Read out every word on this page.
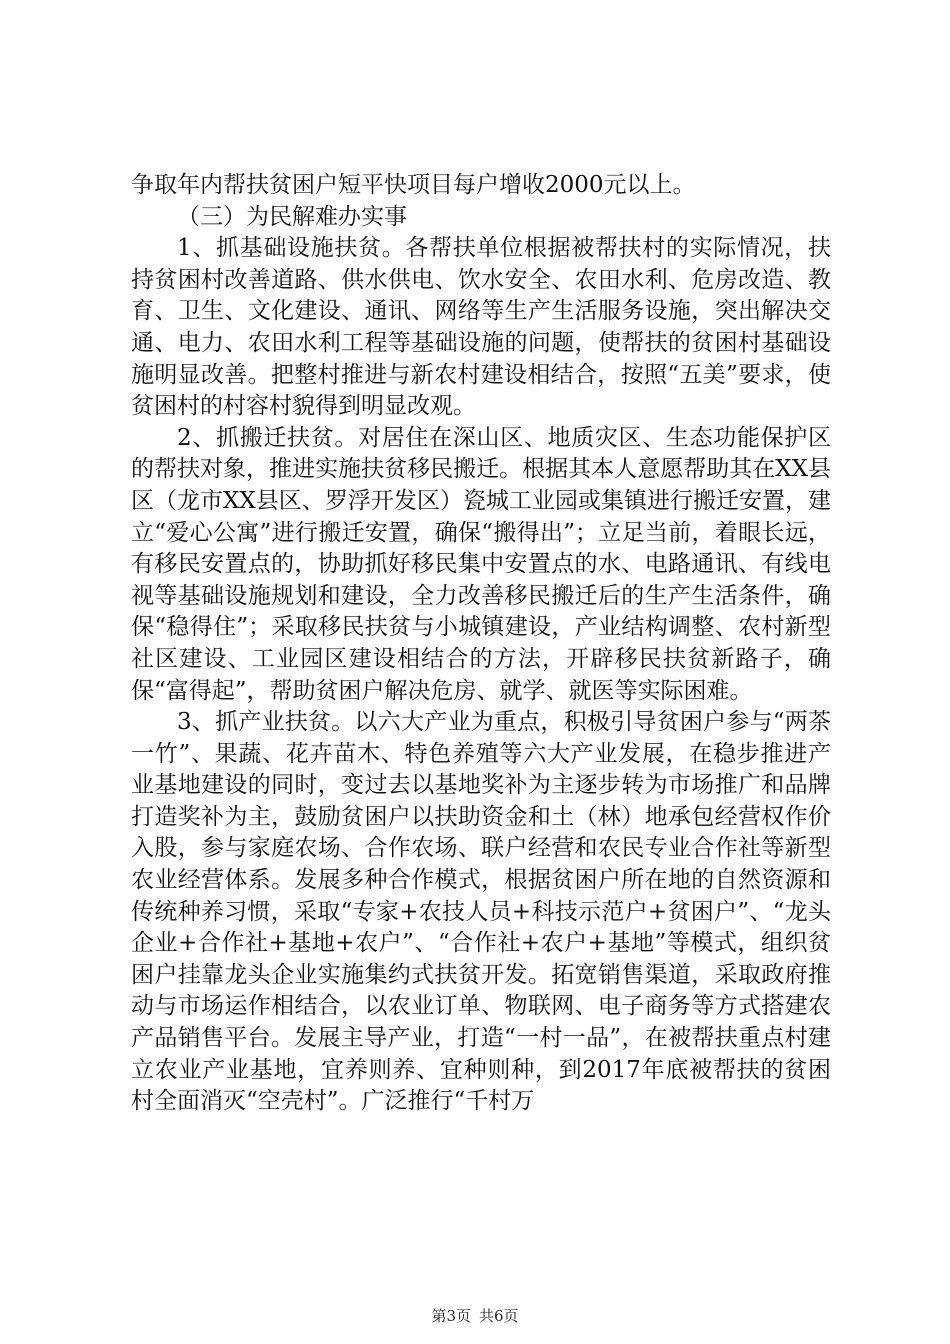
争取年内帮扶贫困户短平快项目每户增收2000元以上。

（三）为民解难办实事

1、抓基础设施扶贫。各帮扶单位根据被帮扶村的实际情况，扶持贫困村改善道路、供水供电、饮水安全、农田水利、危房改造、教育、卫生、文化建设、通讯、网络等生产生活服务设施，突出解决交通、电力、农田水利工程等基础设施的问题，使帮扶的贫困村基础设施明显改善。把整村推进与新农村建设相结合，按照“五美”要求，使贫困村的村容村貌得到明显改观。

2、抓搬迁扶贫。对居住在深山区、地质灾区、生态功能保护区的帮扶对象，推进实施扶贫移民搬迁。根据其本人意愿帮助其在XX县区（龙市XX县区、罗浮开发区）瓷城工业园或集镇进行搬迁安置，建立“爱心公寓”进行搬迁安置，确保“搬得出”；立足当前，着眼长远，有移民安置点的，协助抓好移民集中安置点的水、电路通讯、有线电视等基础设施规划和建设，全力改善移民搬迁后的生产生活条件，确保“稳得住”；采取移民扶贫与小城镇建设，产业结构调整、农村新型社区建设、工业园区建设相结合的方法，开辟移民扶贫新路子，确保“富得起”，帮助贫困户解决危房、就学、就医等实际困难。

3、抓产业扶贫。以六大产业为重点，积极引导贫困户参与“两茶一竹”、果蔬、花卉苗木、特色养殖等六大产业发展，在稳步推进产业基地建设的同时，变过去以基地奖补为主逐步转为市场推广和品牌打造奖补为主，鼓励贫困户以扶助资金和土（林）地承包经营权作价入股，参与家庭农场、合作农场、联户经营和农民专业合作社等新型农业经营体系。发展多种合作模式，根据贫困户所在地的自然资源和传统种养习惯，采取“专家+农技人员+科技示范户+贫困户”、“龙头企业+合作社+基地+农户”、“合作社+农户+基地”等模式，组织贫困户挂靠龙头企业实施集约式扶贫开发。拓宽销售渠道，采取政府推动与市场运作相结合，以农业订单、物联网、电子商务等方式搭建农产品销售平台。发展主导产业，打造“一村一品”，在被帮扶重点村建立农业产业基地，宜养则养、宜种则种，到2017年底被帮扶的贫困村全面消灭“空壳村”。广泛推行“千村万

第3页 共6页
